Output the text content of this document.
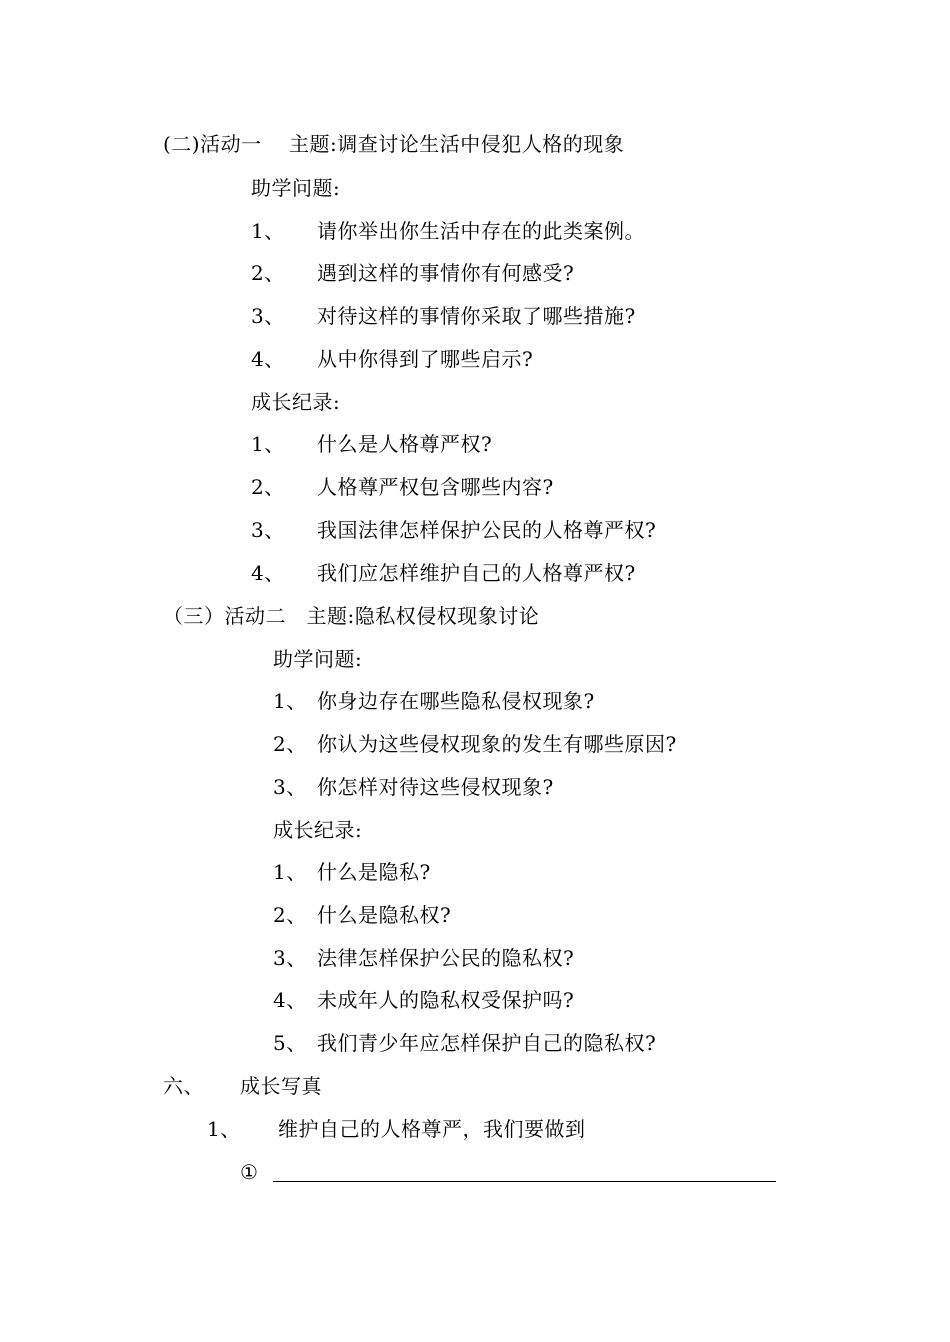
(二)活动一　 主题:调查讨论生活中侵犯人格的现象
助学问题:
1、 请你举出你生活中存在的此类案例。
2、 遇到这样的事情你有何感受?
3、 对待这样的事情你采取了哪些措施?
4、 从中你得到了哪些启示?
成长纪录:
1、 什么是人格尊严权?
2、 人格尊严权包含哪些内容?
3、 我国法律怎样保护公民的人格尊严权?
4、 我们应怎样维护自己的人格尊严权?
（三）活动二　主题:隐私权侵权现象讨论
助学问题:
1、 你身边存在哪些隐私侵权现象?
2、 你认为这些侵权现象的发生有哪些原因?
3、 你怎样对待这些侵权现象?
成长纪录:
1、 什么是隐私?
2、 什么是隐私权?
3、 法律怎样保护公民的隐私权?
4、 未成年人的隐私权受保护吗?
5、 我们青少年应怎样保护自己的隐私权?
六、 成长写真
1、 维护自己的人格尊严，我们要做到
①
